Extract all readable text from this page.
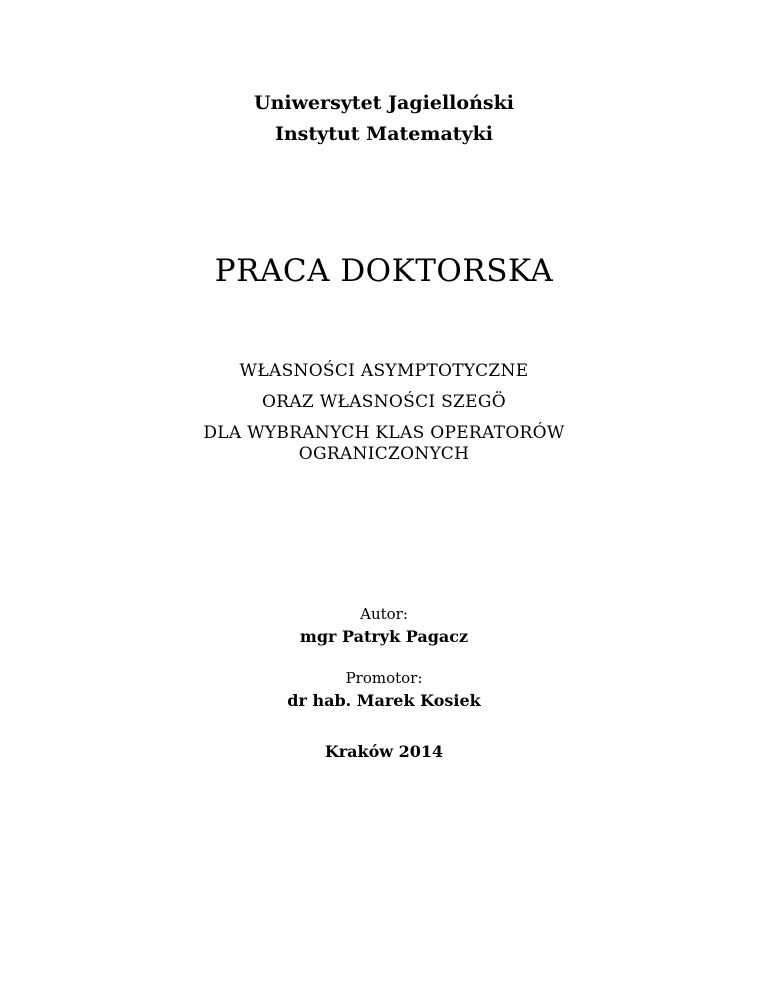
Uniwersytet Jagielloński
Instytut Matematyki
PRACA DOKTORSKA
WŁASNOŚCI ASYMPTOTYCZNE
ORAZ WŁASNOŚCI SZEGÖ
DLA WYBRANYCH KLAS OPERATORÓW
OGRANICZONYCH
Autor:
mgr Patryk Pagacz
Promotor:
dr hab. Marek Kosiek
Kraków 2014
